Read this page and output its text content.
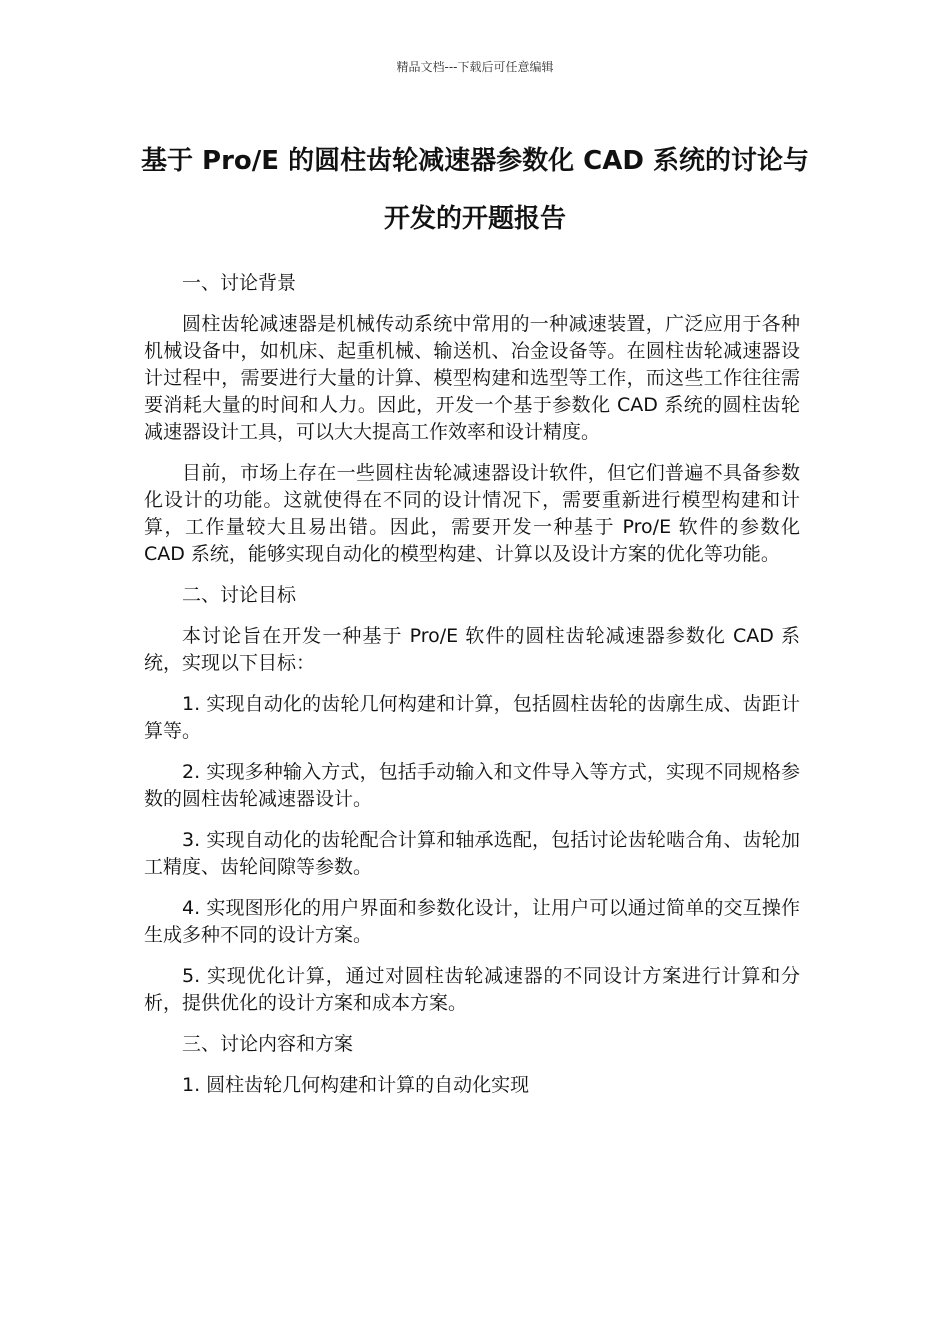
精品文档---下载后可任意编辑
基于 Pro/E 的圆柱齿轮减速器参数化 CAD 系统的讨论与开发的开题报告

一、讨论背景

圆柱齿轮减速器是机械传动系统中常用的一种减速装置，广泛应用于各种机械设备中，如机床、起重机械、输送机、冶金设备等。在圆柱齿轮减速器设计过程中，需要进行大量的计算、模型构建和选型等工作，而这些工作往往需要消耗大量的时间和人力。因此，开发一个基于参数化 CAD 系统的圆柱齿轮减速器设计工具，可以大大提高工作效率和设计精度。

目前，市场上存在一些圆柱齿轮减速器设计软件，但它们普遍不具备参数化设计的功能。这就使得在不同的设计情况下，需要重新进行模型构建和计算，工作量较大且易出错。因此，需要开发一种基于 Pro/E 软件的参数化 CAD 系统，能够实现自动化的模型构建、计算以及设计方案的优化等功能。

二、讨论目标

本讨论旨在开发一种基于 Pro/E 软件的圆柱齿轮减速器参数化 CAD 系统，实现以下目标：

1. 实现自动化的齿轮几何构建和计算，包括圆柱齿轮的齿廓生成、齿距计算等。

2. 实现多种输入方式，包括手动输入和文件导入等方式，实现不同规格参数的圆柱齿轮减速器设计。

3. 实现自动化的齿轮配合计算和轴承选配，包括讨论齿轮啮合角、齿轮加工精度、齿轮间隙等参数。

4. 实现图形化的用户界面和参数化设计，让用户可以通过简单的交互操作生成多种不同的设计方案。

5. 实现优化计算，通过对圆柱齿轮减速器的不同设计方案进行计算和分析，提供优化的设计方案和成本方案。

三、讨论内容和方案

1. 圆柱齿轮几何构建和计算的自动化实现
